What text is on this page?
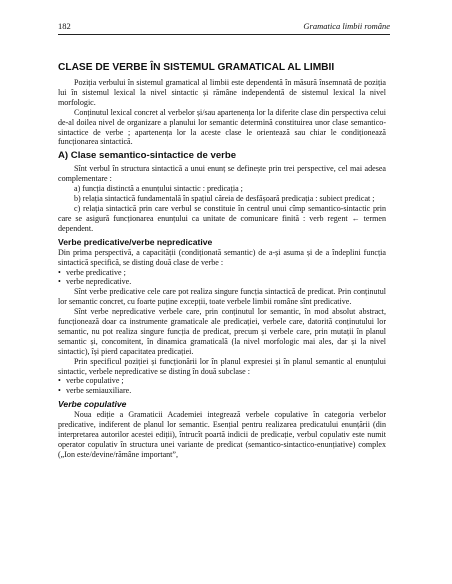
182	Gramatica limbii române
CLASE DE VERBE ÎN SISTEMUL GRAMATICAL AL LIMBII

Poziția verbului în sistemul gramatical al limbii este dependentă în măsură însemnată de poziția lui în sistemul lexical la nivel sintactic și rămâne independentă de sistemul lexical la nivel morfologic.

Conținutul lexical concret al verbelor și/sau apartenența lor la diferite clase din perspectiva celui de-al doilea nivel de organizare a planului lor semantic determină constituirea unor clase semantico-sintactice de verbe ; apartenența lor la aceste clase le orientează sau chiar le condiționează funcționarea sintactică.

A) Clase semantico-sintactice de verbe

Sînt verbul în structura sintactică a unui enunț se definește prin trei perspective, cel mai adesea complementare :

a) funcția distinctă a enunțului sintactic : predicația ;

b) relația sintactică fundamentală în spațiul căreia de desfășoară predicația : subiect predicat ;

c) relația sintactică prin care verbul se constituie în centrul unui cîmp semantico-sintactic prin care se asigură funcționarea enunțului ca unitate de comunicare finită : verb regent ← termen dependent.

Verbe predicative/verbe nepredicative

Din prima perspectivă, a capacității (condiționată semantic) de a-și asuma și de a îndeplini funcția sintactică specifică, se disting două clase de verbe :

• verbe predicative ;

• verbe nepredicative.

Sînt verbe predicative cele care pot realiza singure funcția sintactică de predicat. Prin conținutul lor semantic concret, cu foarte puține excepții, toate verbele limbii române sînt predicative.

Sînt verbe nepredicative verbele care, prin conținutul lor semantic, în mod absolut abstract, funcționează doar ca instrumente gramaticale ale predicației, verbele care, datorită conținutului lor semantic, nu pot realiza singure funcția de predicat, precum și verbele care, prin mutații în planul semantic și, concomitent, în dinamica gramaticală (la nivel morfologic mai ales, dar și la nivel sintactic), își pierd capacitatea predicației.

Prin specificul poziției și funcționării lor în planul expresiei și în planul semantic al enunțului sintactic, verbele nepredicative se disting în două subclase :

• verbe copulative ;

• verbe semiauxiliare.

Verbe copulative

Noua ediție a Gramaticii Academiei integrează verbele copulative în categoria verbelor predicative, indiferent de planul lor semantic. Esențial pentru realizarea predicatului enunțării (din interpretarea autorilor acestei ediții), întrucît poartă indicii de predicație, verbul copulativ este numit operator copulativ în structura unei variante de predicat (semantico-sintactico-enunțiative) complex („Ion este/devine/rămâne important”,
